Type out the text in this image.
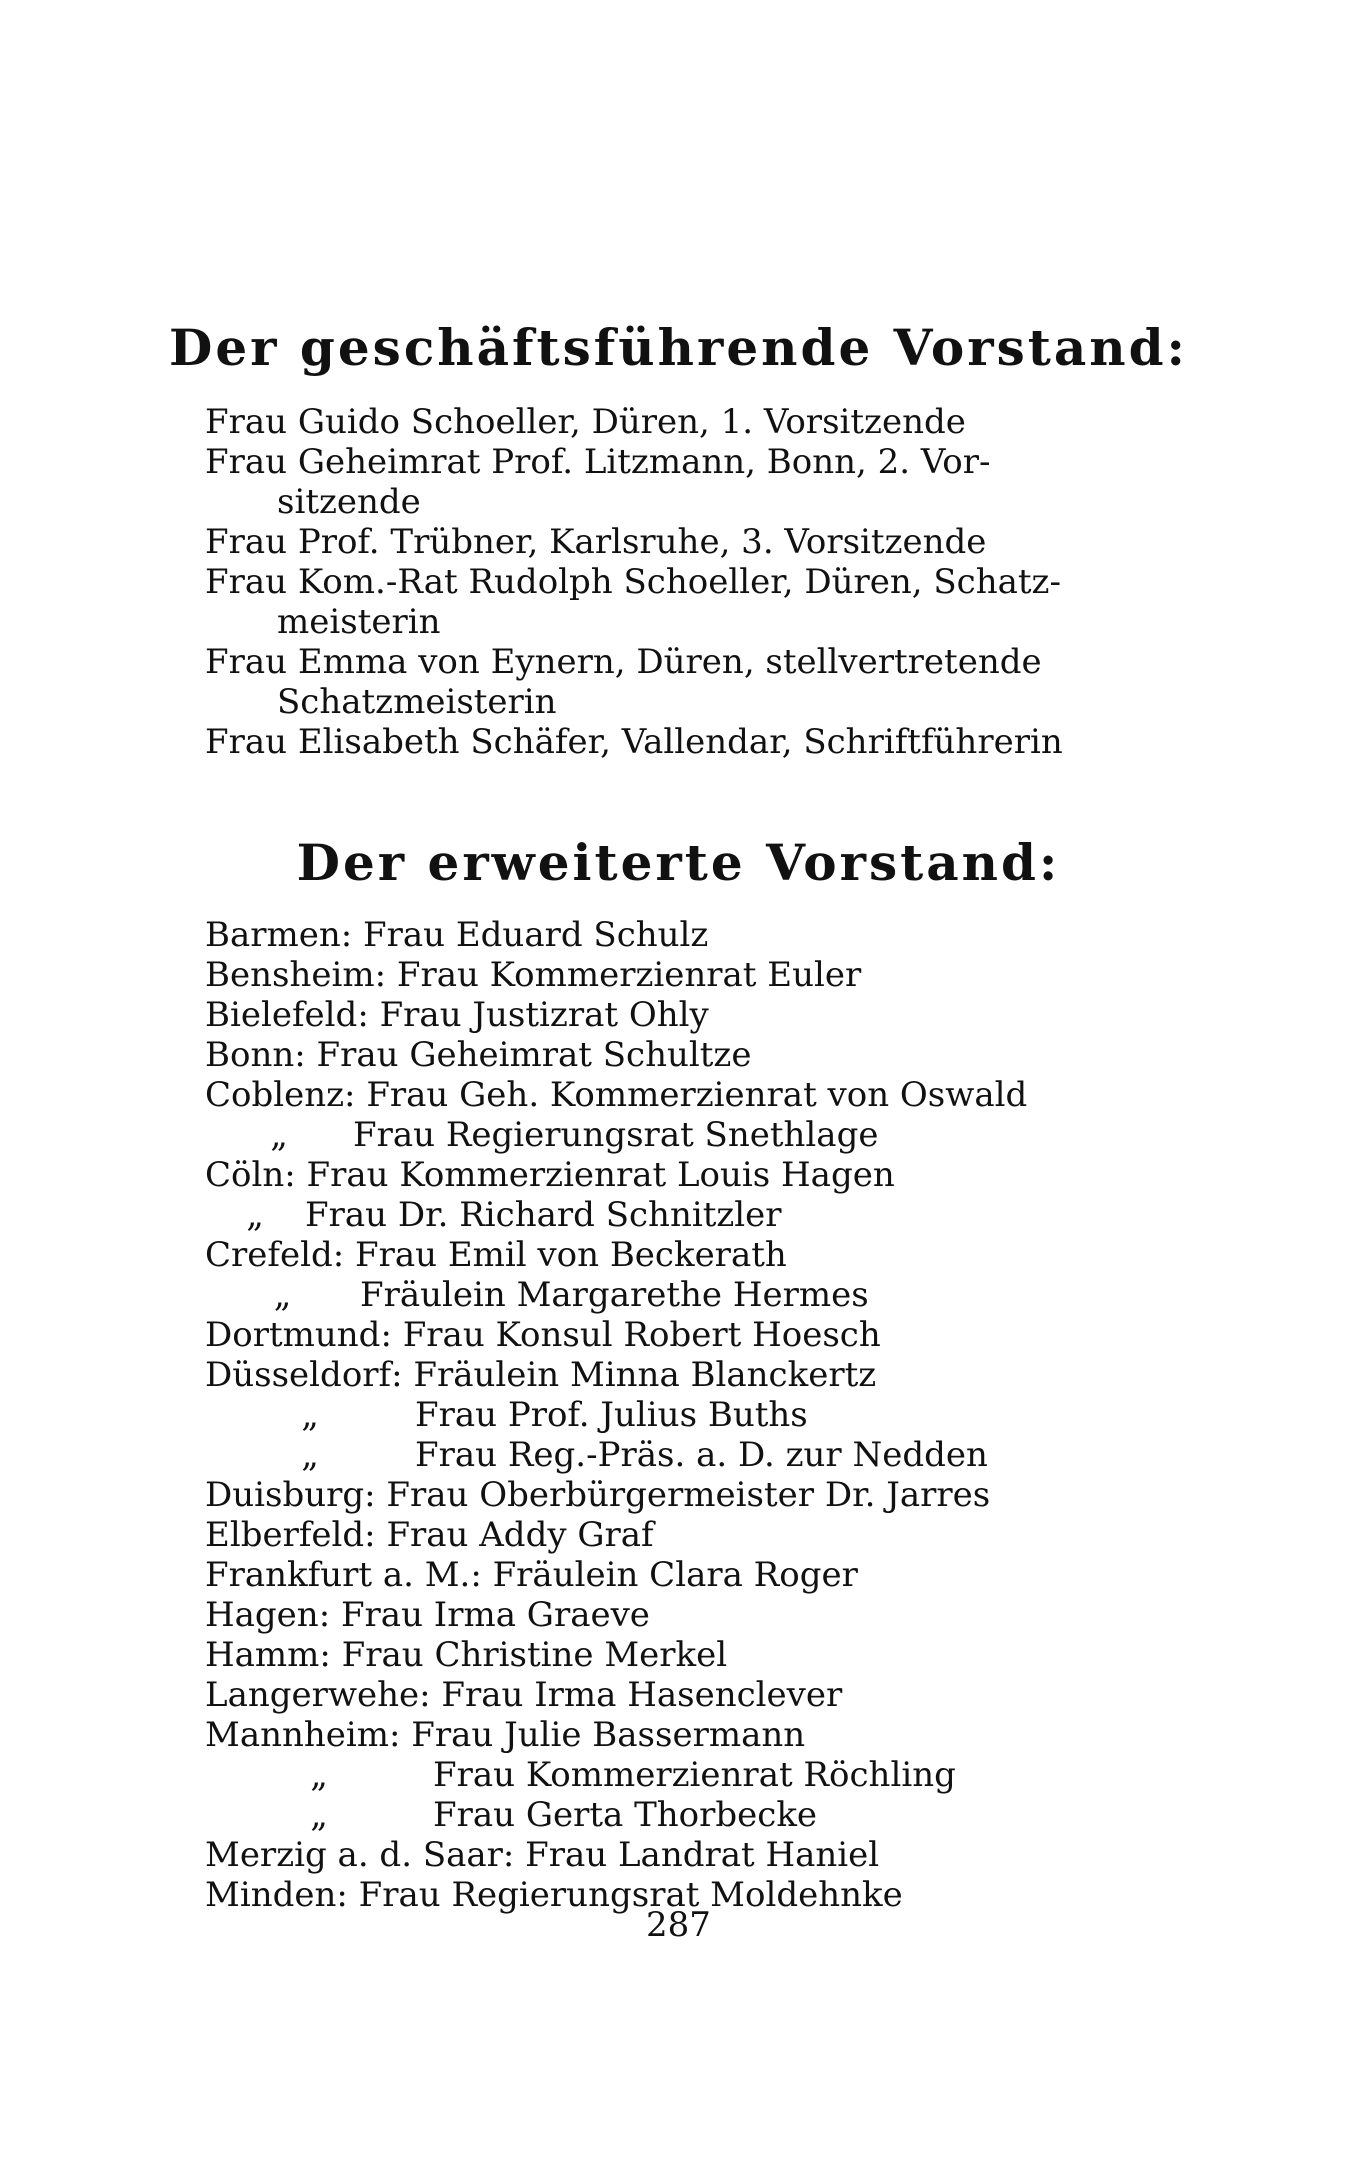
Der geschäftsführende Vorstand:
Frau Guido Schoeller, Düren, 1. Vorsitzende
Frau Geheimrat Prof. Litzmann, Bonn, 2. Vor-
sitzende
Frau Prof. Trübner, Karlsruhe, 3. Vorsitzende
Frau Kom.-Rat Rudolph Schoeller, Düren, Schatz-
meisterin
Frau Emma von Eynern, Düren, stellvertretende
Schatzmeisterin
Frau Elisabeth Schäfer, Vallendar, Schriftführerin
Der erweiterte Vorstand:
Barmen: Frau Eduard Schulz
Bensheim: Frau Kommerzienrat Euler
Bielefeld: Frau Justizrat Ohly
Bonn: Frau Geheimrat Schultze
Coblenz: Frau Geh. Kommerzienrat von Oswald
„ Frau Regierungsrat Snethlage
Cöln: Frau Kommerzienrat Louis Hagen
„ Frau Dr. Richard Schnitzler
Crefeld: Frau Emil von Beckerath
„ Fräulein Margarethe Hermes
Dortmund: Frau Konsul Robert Hoesch
Düsseldorf: Fräulein Minna Blanckertz
„	Frau Prof. Julius Buths
„	Frau Reg.-Präs. a. D. zur Nedden
Duisburg: Frau Oberbürgermeister Dr. Jarres
Elberfeld: Frau Addy Graf
Frankfurt a. M.: Fräulein Clara Roger
Hagen: Frau Irma Graeve
Hamm: Frau Christine Merkel
Langerwehe: Frau Irma Hasenclever
Mannheim: Frau Julie Bassermann
„	Frau Kommerzienrat Röchling
„	Frau Gerta Thorbecke
Merzig a. d. Saar: Frau Landrat Haniel
Minden: Frau Regierungsrat Moldehnke
287
